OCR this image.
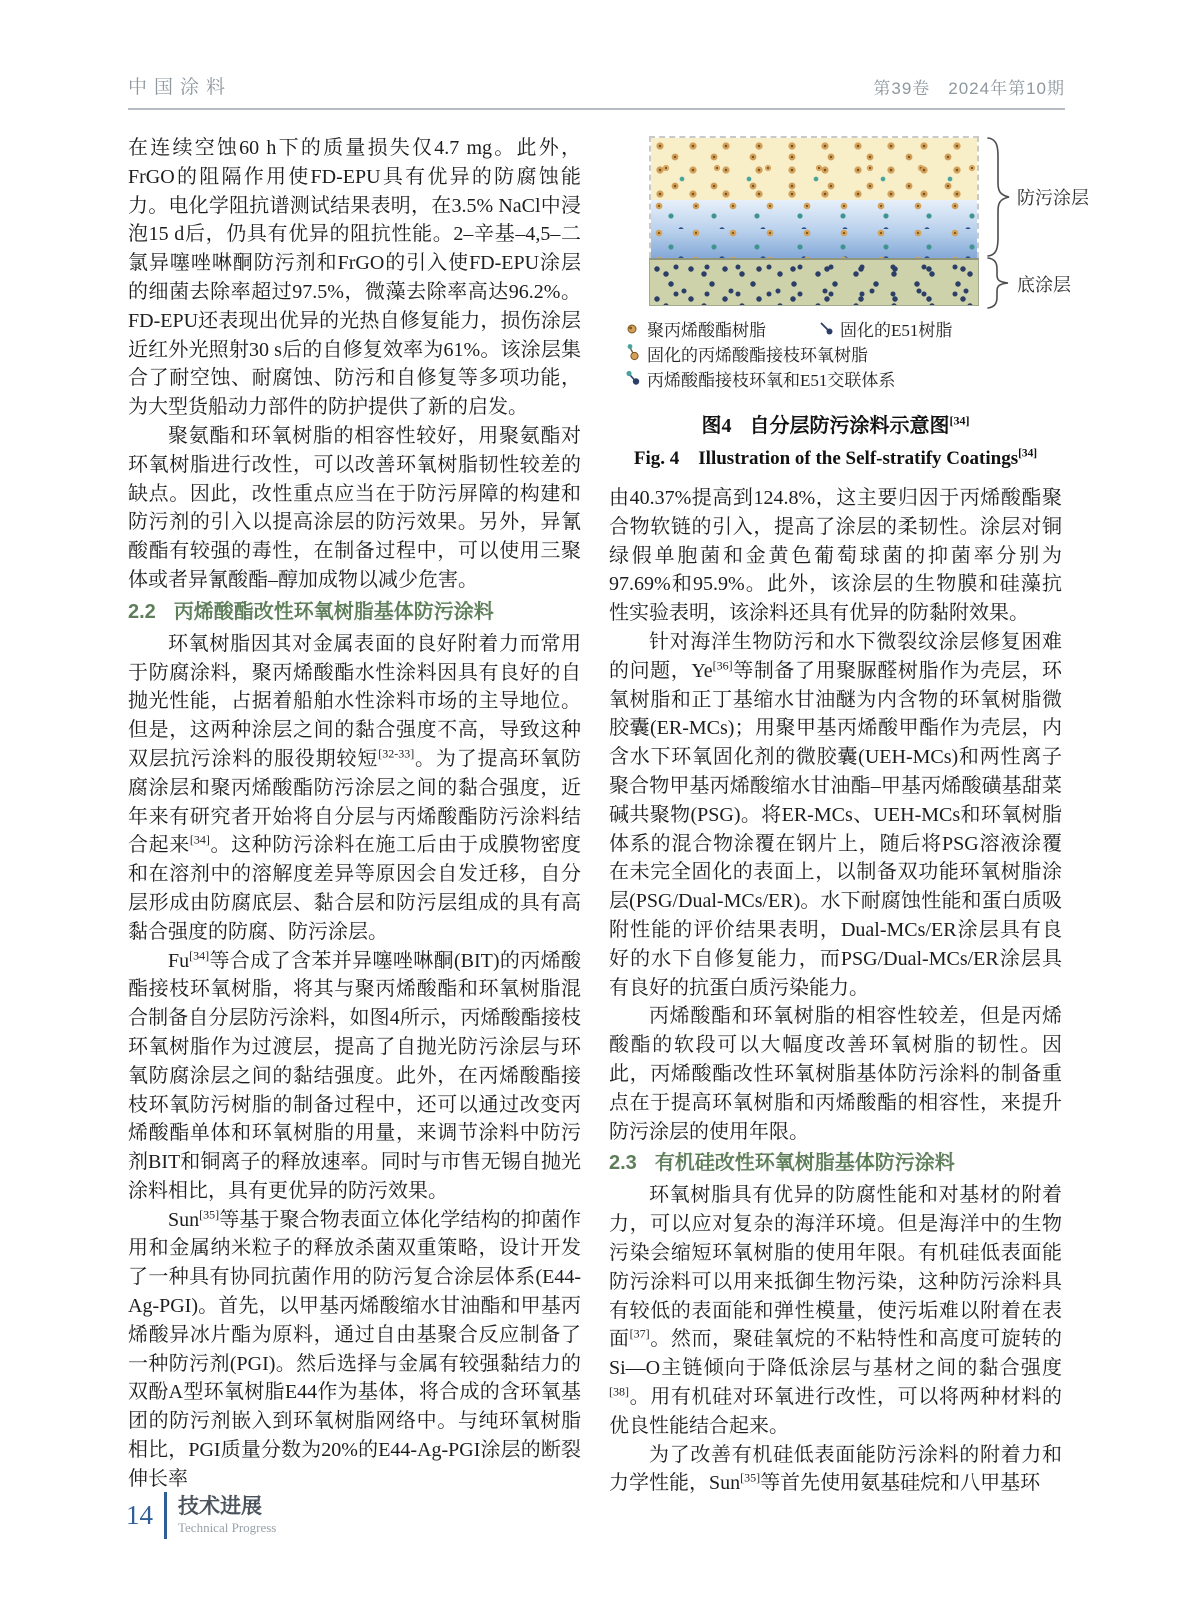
中国涂料	第39卷　2024年第10期

在连续空蚀60 h下的质量损失仅4.7 mg。此外，FrGO的阻隔作用使FD-EPU具有优异的防腐蚀能力。电化学阻抗谱测试结果表明，在3.5% NaCl中浸泡15 d后，仍具有优异的阻抗性能。2–辛基–4,5–二氯异噻唑啉酮防污剂和FrGO的引入使FD-EPU涂层的细菌去除率超过97.5%，微藻去除率高达96.2%。FD-EPU还表现出优异的光热自修复能力，损伤涂层近红外光照射30 s后的自修复效率为61%。该涂层集合了耐空蚀、耐腐蚀、防污和自修复等多项功能，为大型货船动力部件的防护提供了新的启发。

聚氨酯和环氧树脂的相容性较好，用聚氨酯对环氧树脂进行改性，可以改善环氧树脂韧性较差的缺点。因此，改性重点应当在于防污屏障的构建和防污剂的引入以提高涂层的防污效果。另外，异氰酸酯有较强的毒性，在制备过程中，可以使用三聚体或者异氰酸酯–醇加成物以减少危害。

2.2 丙烯酸酯改性环氧树脂基体防污涂料

环氧树脂因其对金属表面的良好附着力而常用于防腐涂料，聚丙烯酸酯水性涂料因具有良好的自抛光性能，占据着船舶水性涂料市场的主导地位。但是，这两种涂层之间的黏合强度不高，导致这种双层抗污涂料的服役期较短[32-33]。为了提高环氧防腐涂层和聚丙烯酸酯防污涂层之间的黏合强度，近年来有研究者开始将自分层与丙烯酸酯防污涂料结合起来[34]。这种防污涂料在施工后由于成膜物密度和在溶剂中的溶解度差异等原因会自发迁移，自分层形成由防腐底层、黏合层和防污层组成的具有高黏合强度的防腐、防污涂层。

Fu[34]等合成了含苯并异噻唑啉酮(BIT)的丙烯酸酯接枝环氧树脂，将其与聚丙烯酸酯和环氧树脂混合制备自分层防污涂料，如图4所示，丙烯酸酯接枝环氧树脂作为过渡层，提高了自抛光防污涂层与环氧防腐涂层之间的黏结强度。此外，在丙烯酸酯接枝环氧防污树脂的制备过程中，还可以通过改变丙烯酸酯单体和环氧树脂的用量，来调节涂料中防污剂BIT和铜离子的释放速率。同时与市售无锡自抛光涂料相比，具有更优异的防污效果。

Sun[35]等基于聚合物表面立体化学结构的抑菌作用和金属纳米粒子的释放杀菌双重策略，设计开发了一种具有协同抗菌作用的防污复合涂层体系(E44-Ag-PGI)。首先，以甲基丙烯酸缩水甘油酯和甲基丙烯酸异冰片酯为原料，通过自由基聚合反应制备了一种防污剂(PGI)。然后选择与金属有较强黏结力的双酚A型环氧树脂E44作为基体，将合成的含环氧基团的防污剂嵌入到环氧树脂网络中。与纯环氧树脂相比，PGI质量分数为20%的E44-Ag-PGI涂层的断裂伸长率

防污涂层
底涂层
聚丙烯酸酯树脂	固化的E51树脂
固化的丙烯酸酯接枝环氧树脂
丙烯酸酯接枝环氧和E51交联体系
图4 自分层防污涂料示意图[34]
Fig. 4　Illustration of the Self-stratify Coatings[34]

由40.37%提高到124.8%，这主要归因于丙烯酸酯聚合物软链的引入，提高了涂层的柔韧性。涂层对铜绿假单胞菌和金黄色葡萄球菌的抑菌率分别为97.69%和95.9%。此外，该涂层的生物膜和硅藻抗性实验表明，该涂料还具有优异的防黏附效果。

针对海洋生物防污和水下微裂纹涂层修复困难的问题，Ye[36]等制备了用聚脲醛树脂作为壳层，环氧树脂和正丁基缩水甘油醚为内含物的环氧树脂微胶囊(ER-MCs)；用聚甲基丙烯酸甲酯作为壳层，内含水下环氧固化剂的微胶囊(UEH-MCs)和两性离子聚合物甲基丙烯酸缩水甘油酯–甲基丙烯酸磺基甜菜碱共聚物(PSG)。将ER-MCs、UEH-MCs和环氧树脂体系的混合物涂覆在钢片上，随后将PSG溶液涂覆在未完全固化的表面上，以制备双功能环氧树脂涂层(PSG/Dual-MCs/ER)。水下耐腐蚀性能和蛋白质吸附性能的评价结果表明，Dual-MCs/ER涂层具有良好的水下自修复能力，而PSG/Dual-MCs/ER涂层具有良好的抗蛋白质污染能力。

丙烯酸酯和环氧树脂的相容性较差，但是丙烯酸酯的软段可以大幅度改善环氧树脂的韧性。因此，丙烯酸酯改性环氧树脂基体防污涂料的制备重点在于提高环氧树脂和丙烯酸酯的相容性，来提升防污涂层的使用年限。

2.3 有机硅改性环氧树脂基体防污涂料

环氧树脂具有优异的防腐性能和对基材的附着力，可以应对复杂的海洋环境。但是海洋中的生物污染会缩短环氧树脂的使用年限。有机硅低表面能防污涂料可以用来抵御生物污染，这种防污涂料具有较低的表面能和弹性模量，使污垢难以附着在表面[37]。然而，聚硅氧烷的不粘特性和高度可旋转的Si—O主链倾向于降低涂层与基材之间的黏合强度[38]。用有机硅对环氧进行改性，可以将两种材料的优良性能结合起来。

为了改善有机硅低表面能防污涂料的附着力和力学性能，Sun[35]等首先使用氨基硅烷和八甲基环

14 技术进展
Technical Progress
